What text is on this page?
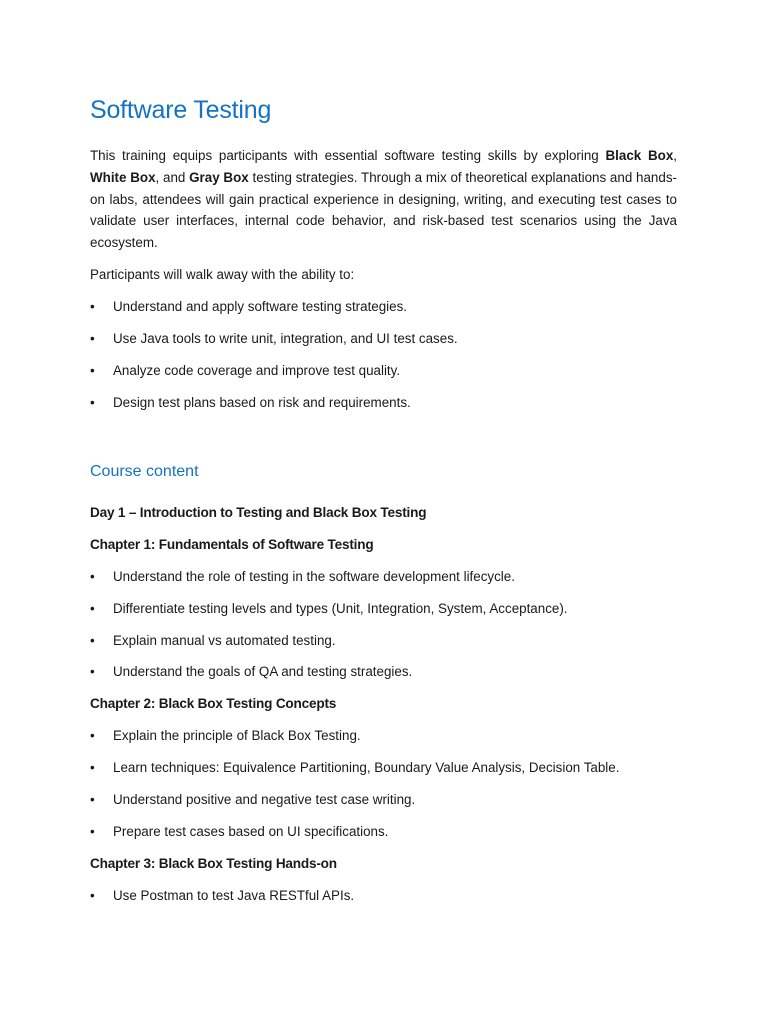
Software Testing

This training equips participants with essential software testing skills by exploring Black Box, White Box, and Gray Box testing strategies. Through a mix of theoretical explanations and hands-on labs, attendees will gain practical experience in designing, writing, and executing test cases to validate user interfaces, internal code behavior, and risk-based test scenarios using the Java ecosystem.

Participants will walk away with the ability to:

• Understand and apply software testing strategies.
• Use Java tools to write unit, integration, and UI test cases.
• Analyze code coverage and improve test quality.
• Design test plans based on risk and requirements.
Course content
Day 1 – Introduction to Testing and Black Box Testing
Chapter 1: Fundamentals of Software Testing
• Understand the role of testing in the software development lifecycle.
• Differentiate testing levels and types (Unit, Integration, System, Acceptance).
• Explain manual vs automated testing.
• Understand the goals of QA and testing strategies.
Chapter 2: Black Box Testing Concepts
• Explain the principle of Black Box Testing.
• Learn techniques: Equivalence Partitioning, Boundary Value Analysis, Decision Table.
• Understand positive and negative test case writing.
• Prepare test cases based on UI specifications.
Chapter 3: Black Box Testing Hands-on
• Use Postman to test Java RESTful APIs.
